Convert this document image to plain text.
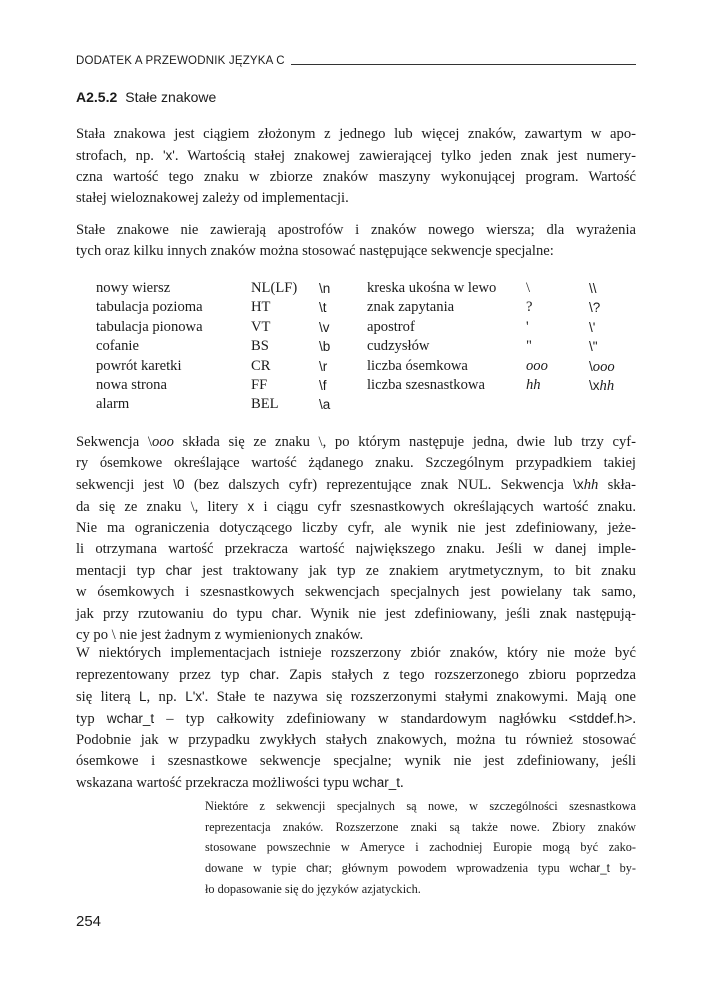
DODATEK A PRZEWODNIK JĘZYKA C
A2.5.2 Stałe znakowe
Stała znakowa jest ciągiem złożonym z jednego lub więcej znaków, zawartym w apo-
strofach, np. 'x'. Wartością stałej znakowej zawierającej tylko jeden znak jest numery-
czna wartość tego znaku w zbiorze znaków maszyny wykonującej program. Wartość
stałej wieloznakowej zależy od implementacji.
Stałe znakowe nie zawierają apostrofów i znaków nowego wiersza; dla wyrażenia
tych oraz kilku innych znaków można stosować następujące sekwencje specjalne:
nowy wiersz
tabulacja pozioma
tabulacja pionowa
cofanie
powrót karetki
nowa strona
alarm
NL(LF)
HT
VT
BS
CR
FF
BEL
\n
\t
\v
\b
\r
\f
\a
kreska ukośna w lewo
znak zapytania
apostrof
cudzysłów
liczba ósemkowa
liczba szesnastkowa
\
?
'
"
ooo
hh
\\
\?
\'
\"
\ooo
\xhh
Sekwencja \ooo składa się ze znaku \, po którym następuje jedna, dwie lub trzy cyf-
ry ósemkowe określające wartość żądanego znaku. Szczególnym przypadkiem takiej
sekwencji jest \0 (bez dalszych cyfr) reprezentujące znak NUL. Sekwencja \xhh skła-
da się ze znaku \, litery x i ciągu cyfr szesnastkowych określających wartość znaku.
Nie ma ograniczenia dotyczącego liczby cyfr, ale wynik nie jest zdefiniowany, jeże-
li otrzymana wartość przekracza wartość największego znaku. Jeśli w danej imple-
mentacji typ char jest traktowany jak typ ze znakiem arytmetycznym, to bit znaku
w ósemkowych i szesnastkowych sekwencjach specjalnych jest powielany tak samo,
jak przy rzutowaniu do typu char. Wynik nie jest zdefiniowany, jeśli znak następują-
cy po \ nie jest żadnym z wymienionych znaków.
W niektórych implementacjach istnieje rozszerzony zbiór znaków, który nie może być
reprezentowany przez typ char. Zapis stałych z tego rozszerzonego zbioru poprzedza
się literą L, np. L'x'. Stałe te nazywa się rozszerzonymi stałymi znakowymi. Mają one
typ wchar_t – typ całkowity zdefiniowany w standardowym nagłówku <stddef.h>.
Podobnie jak w przypadku zwykłych stałych znakowych, można tu również stosować
ósemkowe i szesnastkowe sekwencje specjalne; wynik nie jest zdefiniowany, jeśli
wskazana wartość przekracza możliwości typu wchar_t.
Niektóre z sekwencji specjalnych są nowe, w szczególności szesnastkowa
reprezentacja znaków. Rozszerzone znaki są także nowe. Zbiory znaków
stosowane powszechnie w Ameryce i zachodniej Europie mogą być zako-
dowane w typie char; głównym powodem wprowadzenia typu wchar_t by-
ło dopasowanie się do języków azjatyckich.
254
